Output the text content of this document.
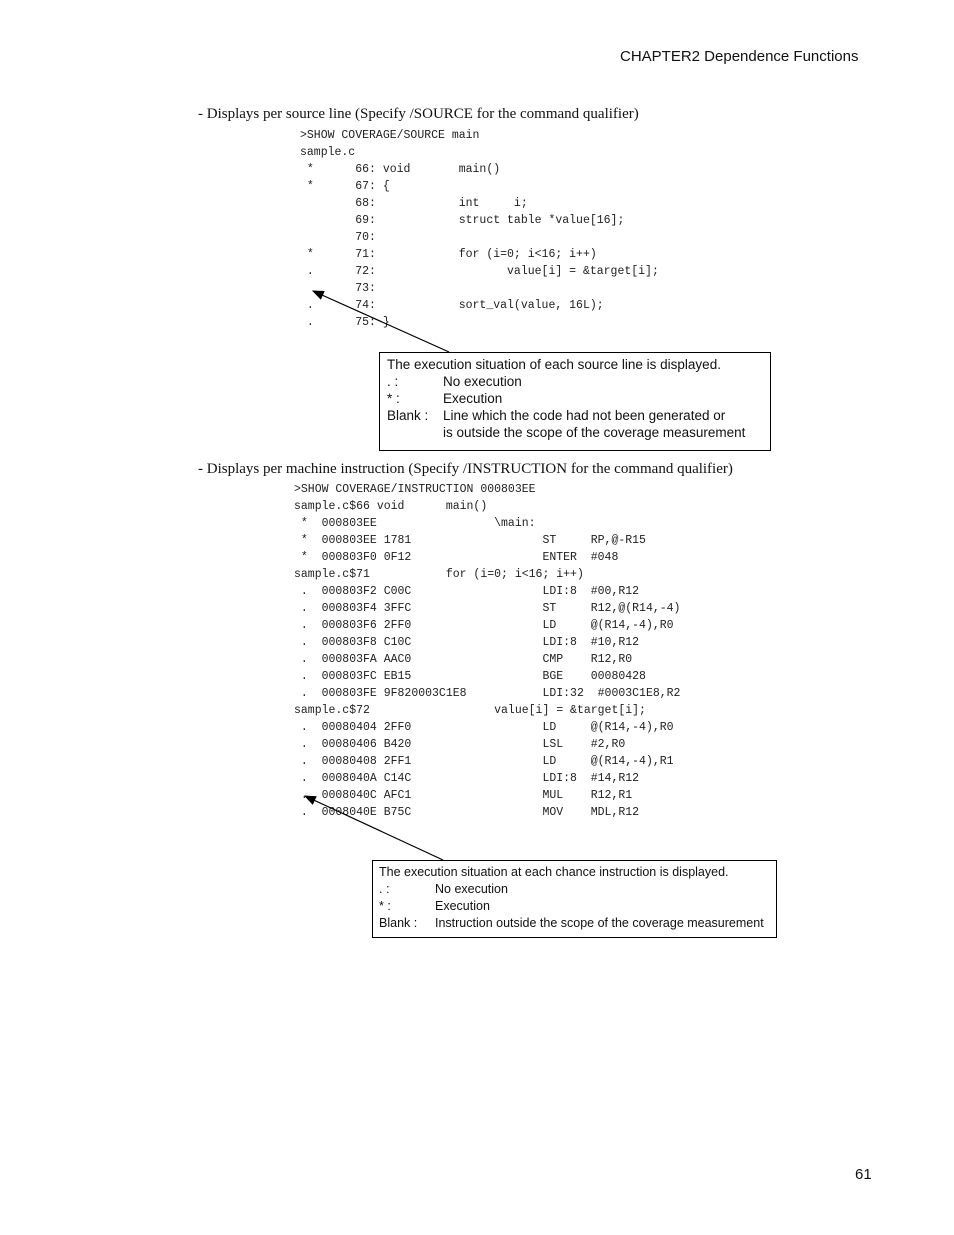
CHAPTER2 Dependence Functions
- Displays per source line (Specify /SOURCE for the command qualifier)
>SHOW COVERAGE/SOURCE main
sample.c
*      66: void       main()
*      67: {
68:            int     i;
69:            struct table *value[16];
70:
*      71:            for (i=0; i<16; i++)
.      72:                   value[i] = &target[i];
73:
.      74:            sort_val(value, 16L);
.      75: }
The execution situation of each source line is displayed.
. :	No execution
* :	Execution
Blank :	Line which the code had not been generated or
is outside the scope of the coverage measurement
- Displays per machine instruction (Specify /INSTRUCTION for the command qualifier)
>SHOW COVERAGE/INSTRUCTION 000803EE
sample.c$66 void      main()
*  000803EE                 \main:
*  000803EE 1781                   ST     RP,@-R15
*  000803F0 0F12                   ENTER  #048
sample.c$71           for (i=0; i<16; i++)
.  000803F2 C00C                   LDI:8  #00,R12
.  000803F4 3FFC                   ST     R12,@(R14,-4)
.  000803F6 2FF0                   LD     @(R14,-4),R0
.  000803F8 C10C                   LDI:8  #10,R12
.  000803FA AAC0                   CMP    R12,R0
.  000803FC EB15                   BGE    00080428
.  000803FE 9F820003C1E8           LDI:32  #0003C1E8,R2
sample.c$72                  value[i] = &target[i];
.  00080404 2FF0                   LD     @(R14,-4),R0
.  00080406 B420                   LSL    #2,R0
.  00080408 2FF1                   LD     @(R14,-4),R1
.  0008040A C14C                   LDI:8  #14,R12
.  0008040C AFC1                   MUL    R12,R1
.  0008040E B75C                   MOV    MDL,R12
The execution situation at each chance instruction is displayed.
. :	No execution
* :	Execution
Blank :	Instruction outside the scope of the coverage measurement
61
